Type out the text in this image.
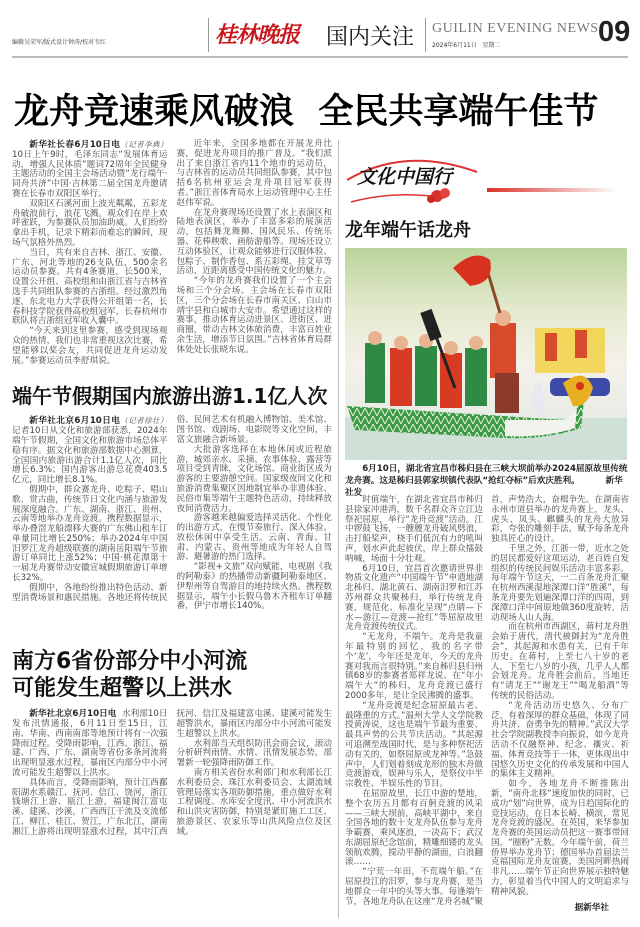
编辑吴荣军/版式设计钟涛/校对韦红	桂林晚报 国内关注 GUILIN EVENING NEWS
2024年6月11日 星期二	09
龙舟竞速乘风破浪  全民共享端午佳节

新华社长春6月10日电（记者李典）10日上午9时，毛泽东同志“发展体育运动，增强人民体质”题词72周年全民健身主题活动的全国主会场活动暨“龙行端午·同舟共济”中国·吉林第二届全国龙舟邀请赛在长春市双阳区举行。

双阳区石溪河面上波光粼粼，五彩龙舟破浪前行，浪花飞溅。观众们在岸上欢呼雀跃，为参赛队员加油助威。人们纷纷拿出手机，记录下精彩而难忘的瞬间，现场气氛格外热烈。

当日，共有来自吉林、浙江、安徽、广东、河北等地的26支队伍，500余名运动员参赛。共有4条赛道，长500米，设置公开组、高校组和由浙江省与吉林省选手共同组队参赛的吉浙组。经过激烈角逐，东北电力大学获得公开组第一名，长春科技学院获得高校组冠军，长春杭州市联队将吉浙组冠军收入囊中。

“今天来到这里参赛，感受到现场观众的热情，我们也非常重视这次比赛，希望能够以桨会友，共同促进龙舟运动发展。”参赛运动员李舒琪说。

近年来，全国多地都在开展龙舟比赛，促进龙舟项目的推广普及。“我们派出了来自浙江省内11个地市的运动员，与吉林省的运动员共同组队参赛，其中包括6名杭州亚运会龙舟项目冠军获得者。”浙江省体育局水上运动管理中心主任赵伟军说。

在龙舟赛现场还设置了水上表演区和陆地表演区，举办了丰富多彩的展演活动，包括舞龙舞狮、国风民乐、传统乐器、花棒秧歌、画舫游船等。现场还设立互动体验区，让观众能够进行汉服体验、包粽子、制作香包、系五彩绳、挂艾草等活动，近距离感受中国传统文化的魅力。

“今年的龙舟赛我们设置了一个主会场和三个分会场。主会场在长春市双阳区，三个分会场在长春市南关区、白山市靖宇县和白城市大安市。希望通过这样的赛事，推动体育运动进景区、进街区、进商圈，带动吉林文体旅消费，丰富百姓业余生活，增添节日氛围。”吉林省体育局群体处处长张晓东说。

端午节假期国内旅游出游1.1亿人次

新华社北京6月10日电（记者徐壮）记者10日从文化和旅游部获悉，2024年端午节假期，全国文化和旅游市场总体平稳有序。据文化和旅游部数据中心测算，全国国内旅游出游合计1.1亿人次，同比增长6.3%；国内游客出游总花费403.5亿元，同比增长8.1%。

假期中，群众赛龙舟、吃粽子、唱山歌、赏古曲，传统节日文化内涵与旅游发展深度融合。广东、湖南、浙江、贵州、云南等地举办龙舟竞渡。携程数据显示，举办叠滘龙船漂移大赛的广东佛山租车订单量同比增长250%；举办2024年中国汨罗江龙舟超级联赛的湖南岳阳端午节旅游订单同比上涨52%；中国·桃花潭第十一届龙舟赛带动安徽宣城假期旅游订单增长32%。

假期中，各地纷纷推出特色活动、新型消费场景和惠民措施。各地还将传统民俗、民间艺术有机融入博物馆、美术馆、图书馆、戏剧场、电影院等文化空间，丰富文旅融合新场景。

大批游客选择在本地休闲或近程旅游，城郊亲水、采摘、农事体验、露营等项目受到青睐，文化场馆、商业街区成为游客的主要游憩空间。国家级夜间文化和旅游消费集聚区因地制宜举办非遗体验、民俗市集等端午主题特色活动，持续释放夜间消费活力。

游客越来越偏爱选择灵活化、个性化的出游方式，在慢节奏旅行、深入体验、放松休闲中享受生活。云南、青海、甘肃、内蒙古、贵州等地成为年轻人自驾游、避暑游的热门选择。

“影视+文旅”双向赋能，电视剧《我的阿勒泰》的热播带动新疆阿勒泰地区、伊犁州等自驾游目的地持续火热。携程数据显示，端午小长假乌鲁木齐租车订单翻番，伊宁市增长140%。

南方6省份部分中小河流
可能发生超警以上洪水

新华社北京6月10日电 水利部10日发布汛情通报，6月11日至15日，江南、华南、西南南部等地预计将有一次强降雨过程。受降雨影响，江西、浙江、福建、广西、广东、湖南等省份多条河流将出现明显涨水过程，暴雨区内部分中小河流可能发生超警以上洪水。

具体而言，受降雨影响，预计江西鄱阳湖水系赣江、抚河、信江、饶河，浙江钱塘江上游、瓯江上游，福建闽江富屯溪、建溪、沙溪，广西西江干流及支流郁江、柳江、桂江、贺江，广东北江，湖南湘江上游将出现明显涨水过程，其中江西抚河、信江及福建富屯溪、建溪可能发生超警洪水，暴雨区内部分中小河流可能发生超警以上洪水。

水利部当天组织防汛会商会议，滚动分析研判雨情、水情、汛情发展态势，部署新一轮强降雨防御工作。

南方相关省份水利部门和水利部长江水利委员会、珠江水利委员会、太湖流域管理局落实各项防御措施，重点做好水利工程调度、水库安全度汛、中小河流洪水和山洪灾害防御，特别是紧盯施工工区、旅游景区、农家乐等山洪风险点位及区域。

文化中国行
龙年端午话龙舟
6月10日，湖北省宜昌市秭归县在三峡大坝前举办2024屈原故里传统龙舟赛。这是秭归县郭家坝镇代表队“抢红夺标”后欢庆胜利。	新华社发

时值端午，在湖北省宜昌市秭归县徐家冲港湾，数千名群众齐立江边祭祀屈原，举行“龙舟竞渡”活动。江中锣鼓飞扬，一艘艘龙舟破风劈浪，击打船桨声，桡手们低沉有力的吼叫声，划水声此起彼伏，岸上群众擂鼓呐喊，场面十分壮观。

6月10日，宜昌首次邀请世界非物质文化遗产“中国端午节”申遗地湖北秭归、湖北黄石、湖南汨罗和江苏苏州群众共聚秭归，举行传统龙舟赛，规范化、标准化呈现“点睛—下水—游江—竞渡—抢红”等屈原故里龙舟竞渡传统仪式。

“无龙舟，不端午。龙舟是我童年最特别的回忆，我的名字带个‘龙’，今年还是龙年，今天的龙舟赛对我而言很特别。”来自秭归县归州镇68岁的参赛者郑祥龙说。在“年小端午大”的秭归，龙舟竞渡已盛行2000多年，是让全民沸腾的盛事。

“龙舟竞渡是纪念屈原最古老、最隆重的方式。”温州大学人文学院教授黄涛说，这也是端午节最为重要、最具声势的公共节庆活动。“其起源可追溯至战国时代，是与多种祭祀活动有关的，如祭屈原或龙神等。”急鼓声中，人们划着刻成龙形的独木舟做竞渡游戏，娱神与乐人，是祭仪中半宗教性、半娱乐性的节目。

在屈原故里，长江中游的楚地，整个农历五月都有百舸竞渡的风采——三峡大坝前，高峡平湖中，来自全国各地的数十支龙舟队伍参与龙舟争霸赛，乘风逐浪，一决高下；武汉东湖屈原纪念馆前，精雕细镂的龙头领航欢腾，搅动平静的湖面，白浪翻滚……

“宁荒一年田，不荒端午船。”在屈原投江的汨罗，参与龙舟赛，是当地群众一年中的头等大事。每逢端午节，各地龙舟队在这座“龙舟名城”聚首，声势浩大，奋楫争先。在湖南省永州市道县举办的龙舟赛上，龙头、虎头、凤头、麒麟头的龙舟大放异彩，夸张的雕刻手法，赋予每条龙舟独具匠心的设计。

千里之外，江浙一带，近水之处的居民都爱好这项运动，老百姓自发组织的传统民间娱乐活动丰富多彩。每年端午节这天，一二百条龙舟汇聚在杭州西溪湿地深潭口洋“胜溪”，每条龙舟要先划遍深潭口洋的四周，到深潭口洋中间原地做360度旋转，活动现场人山人海。

而在杭州市西湖区，蒋村龙舟胜会始于唐代，清代被御封为“龙舟胜会”，其起源和水患有关，已有千年历史。在蒋村，上至七八十岁的老人，下至七八岁的小孩，几乎人人都会划龙舟。龙舟胜会前后，当地还有“请龙王”“谢龙王”“喝龙船酒”等传统的民俗活动。

“龙舟活动历史悠久、分布广泛，有着深厚的群众基础，体现了同舟共济、奋勇争先的精神。”武汉大学社会学院副教授李向振说，如今龙舟活动不仅融祭神、纪念、禳灾、祈福、体育竞技等于一体，更体现出中国悠久历史文化的传承发展和中国人的集体主义精神。

如今，各地龙舟不断推陈出新，“南舟北移”速度加快的同时，已成功“划”向世界，成为日趋国际化的竞技运动。在日本长崎、横滨，常见龙舟竞渡的盛况。在英国，来华参加龙舟赛的英国运动员把这一赛事带回国，“圈粉”无数。今年端午前，荷兰侨界举办龙舟节；德国举办首届法兰克福国际龙舟友谊赛，美国河畔热闹非凡……端午节正向世界展示独特魅力，彰显着当代中国人的文明追求与精神风貌。

据新华社
